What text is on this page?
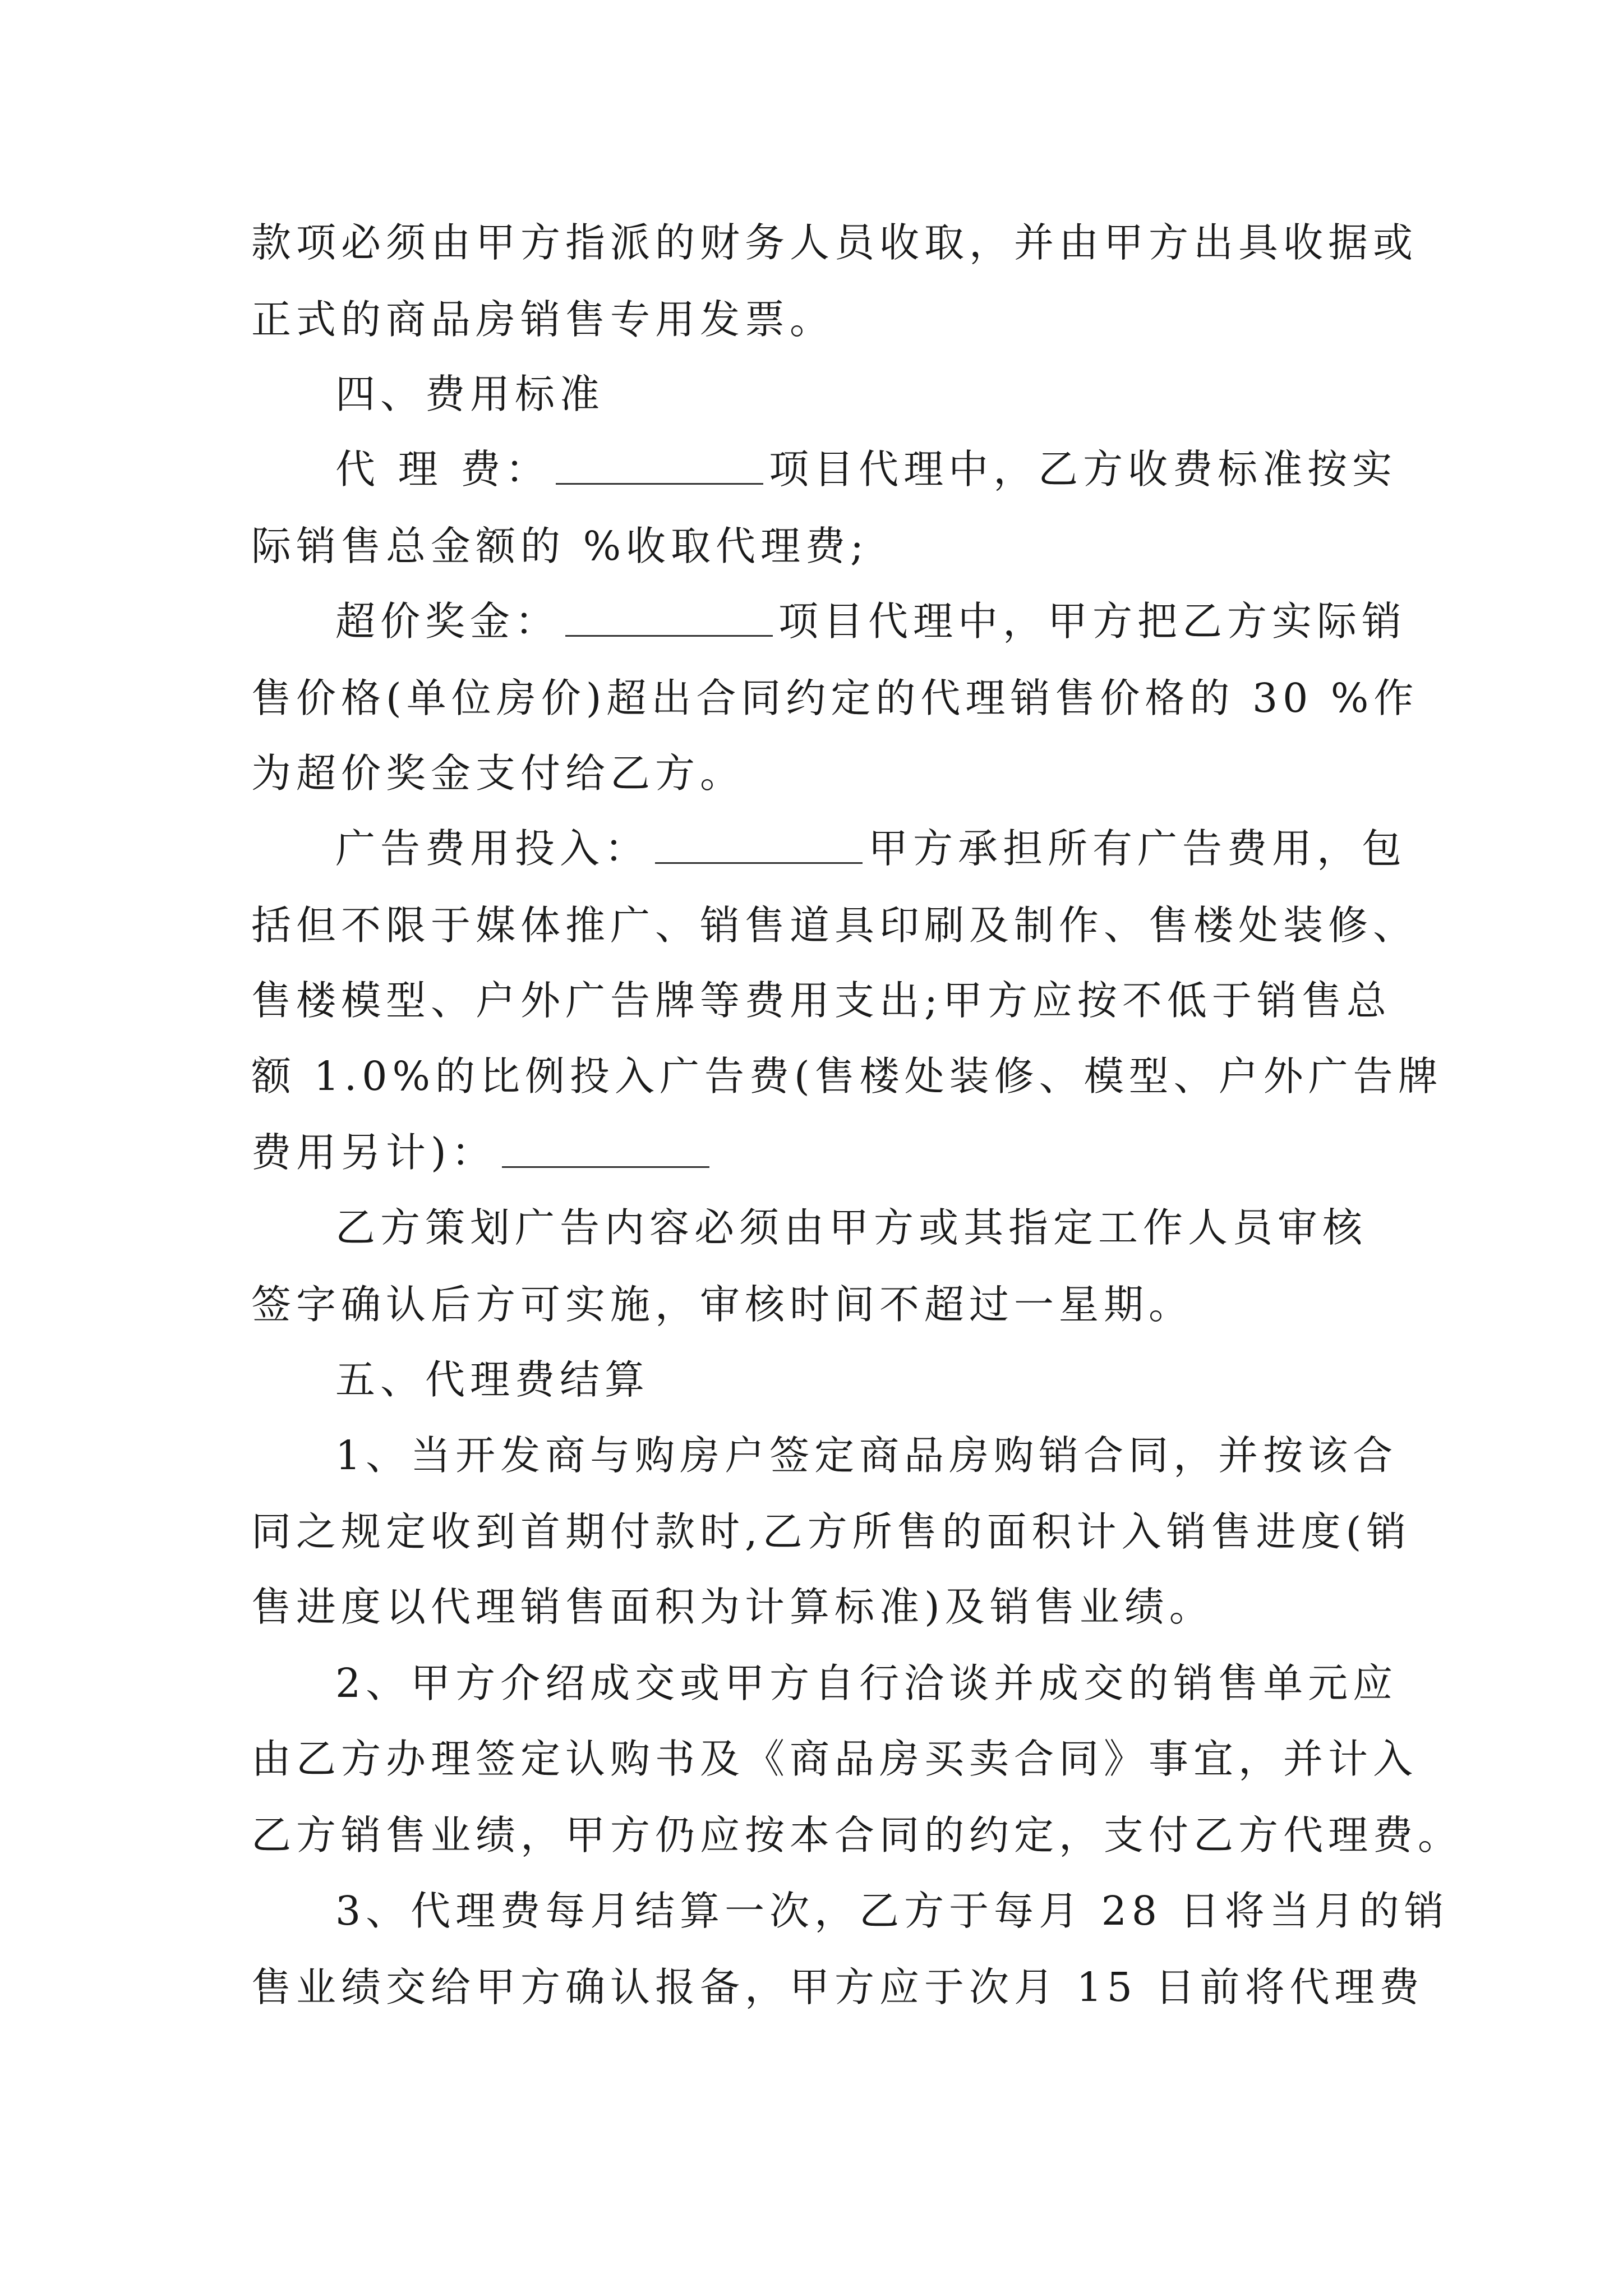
款项必须由甲方指派的财务人员收取，并由甲方出具收据或
正式的商品房销售专用发票。
四、费用标准
代 理 费：	项目代理中，乙方收费标准按实
际销售总金额的 %收取代理费;
超价奖金：	项目代理中，甲方把乙方实际销
售价格(单位房价)超出合同约定的代理销售价格的 30 %作
为超价奖金支付给乙方。
广告费用投入：	甲方承担所有广告费用，包
括但不限于媒体推广、销售道具印刷及制作、售楼处装修、
售楼模型、户外广告牌等费用支出;甲方应按不低于销售总
额 1.0%的比例投入广告费(售楼处装修、模型、户外广告牌
费用另计)：
乙方策划广告内容必须由甲方或其指定工作人员审核
签字确认后方可实施，审核时间不超过一星期。
五、代理费结算
1、当开发商与购房户签定商品房购销合同，并按该合
同之规定收到首期付款时,乙方所售的面积计入销售进度(销
售进度以代理销售面积为计算标准)及销售业绩。
2、甲方介绍成交或甲方自行洽谈并成交的销售单元应
由乙方办理签定认购书及《商品房买卖合同》事宜，并计入
乙方销售业绩，甲方仍应按本合同的约定，支付乙方代理费。
3、代理费每月结算一次，乙方于每月 28 日将当月的销
售业绩交给甲方确认报备，甲方应于次月 15 日前将代理费
